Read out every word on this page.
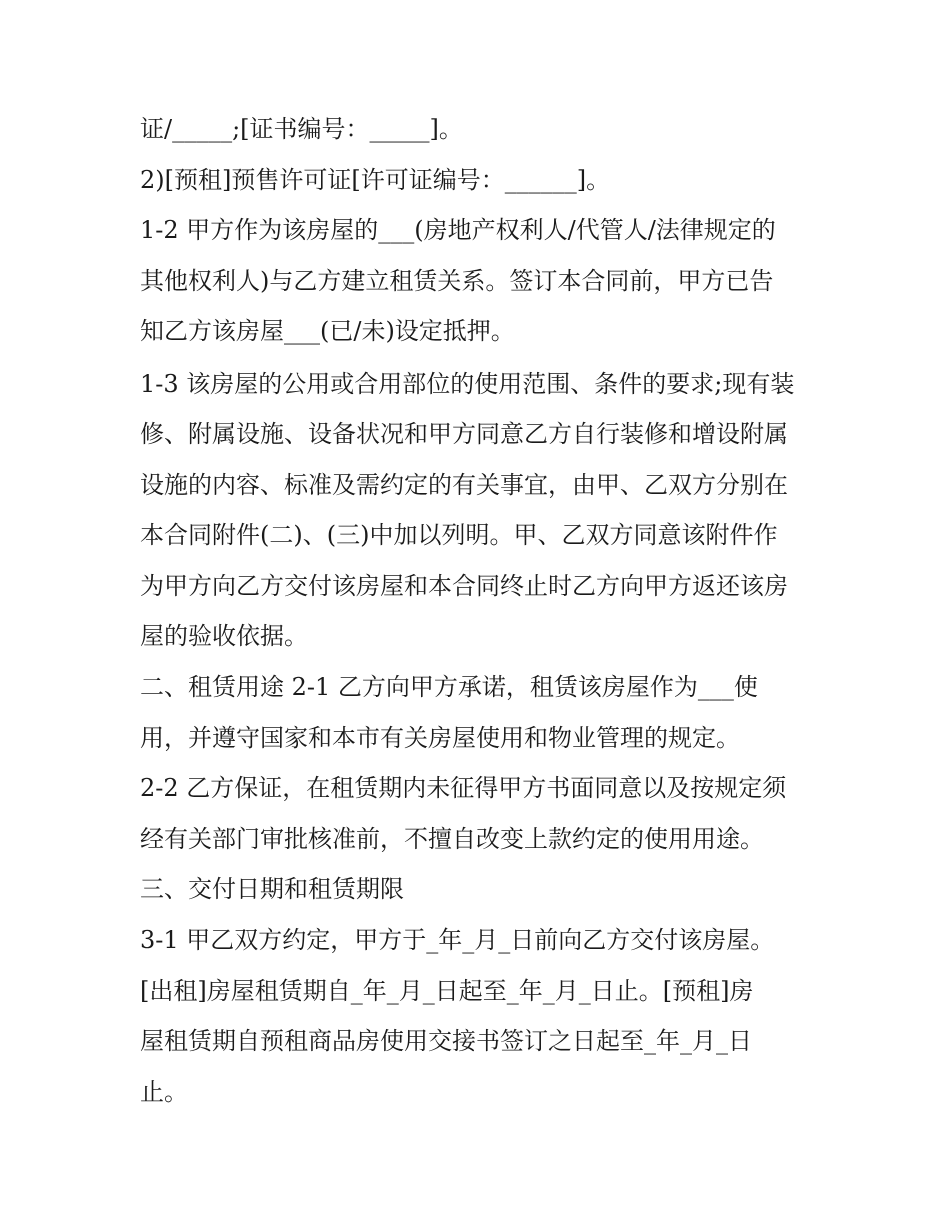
证/_____;[证书编号：_____]。
2)[预租]预售许可证[许可证编号：______]。
1-2 甲方作为该房屋的___(房地产权利人/代管人/法律规定的
其他权利人)与乙方建立租赁关系。签订本合同前，甲方已告
知乙方该房屋___(已/未)设定抵押。
1-3 该房屋的公用或合用部位的使用范围、条件的要求;现有装
修、附属设施、设备状况和甲方同意乙方自行装修和增设附属
设施的内容、标准及需约定的有关事宜，由甲、乙双方分别在
本合同附件(二)、(三)中加以列明。甲、乙双方同意该附件作
为甲方向乙方交付该房屋和本合同终止时乙方向甲方返还该房
屋的验收依据。
二、租赁用途 2-1 乙方向甲方承诺，租赁该房屋作为___使
用，并遵守国家和本市有关房屋使用和物业管理的规定。
2-2 乙方保证，在租赁期内未征得甲方书面同意以及按规定须
经有关部门审批核准前，不擅自改变上款约定的使用用途。
三、交付日期和租赁期限
3-1 甲乙双方约定，甲方于_年_月_日前向乙方交付该房屋。
[出租]房屋租赁期自_年_月_日起至_年_月_日止。[预租]房
屋租赁期自预租商品房使用交接书签订之日起至_年_月_日
止。
